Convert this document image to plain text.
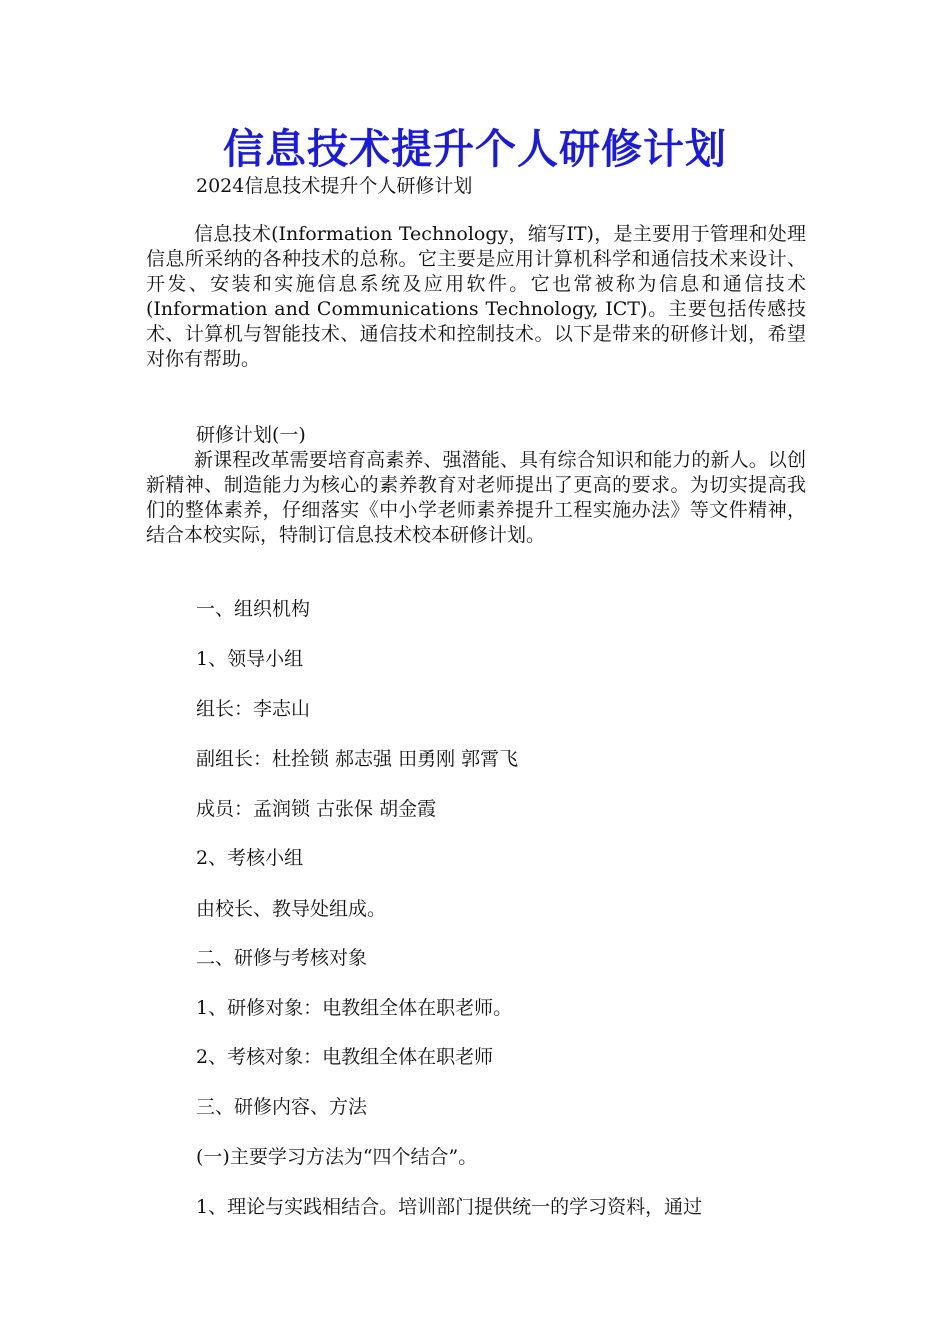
信息技术提升个人研修计划
2024信息技术提升个人研修计划

信息技术(Information Technology，缩写IT)，是主要用于管理和处理信息所采纳的各种技术的总称。它主要是应用计算机科学和通信技术来设计、开发、安装和实施信息系统及应用软件。它也常被称为信息和通信技术(Information and Communications Technology, ICT)。主要包括传感技术、计算机与智能技术、通信技术和控制技术。以下是带来的研修计划，希望对你有帮助。

研修计划(一)

新课程改革需要培育高素养、强潜能、具有综合知识和能力的新人。以创新精神、制造能力为核心的素养教育对老师提出了更高的要求。为切实提高我们的整体素养，仔细落实《中小学老师素养提升工程实施办法》等文件精神，结合本校实际，特制订信息技术校本研修计划。

一、组织机构
1、领导小组
组长：李志山
副组长：杜拴锁 郝志强 田勇刚 郭霄飞
成员：孟润锁 古张保 胡金霞
2、考核小组
由校长、教导处组成。
二、研修与考核对象
1、研修对象：电教组全体在职老师。
2、考核对象：电教组全体在职老师
三、研修内容、方法
(一)主要学习方法为“四个结合”。
1、理论与实践相结合。培训部门提供统一的学习资料，通过
